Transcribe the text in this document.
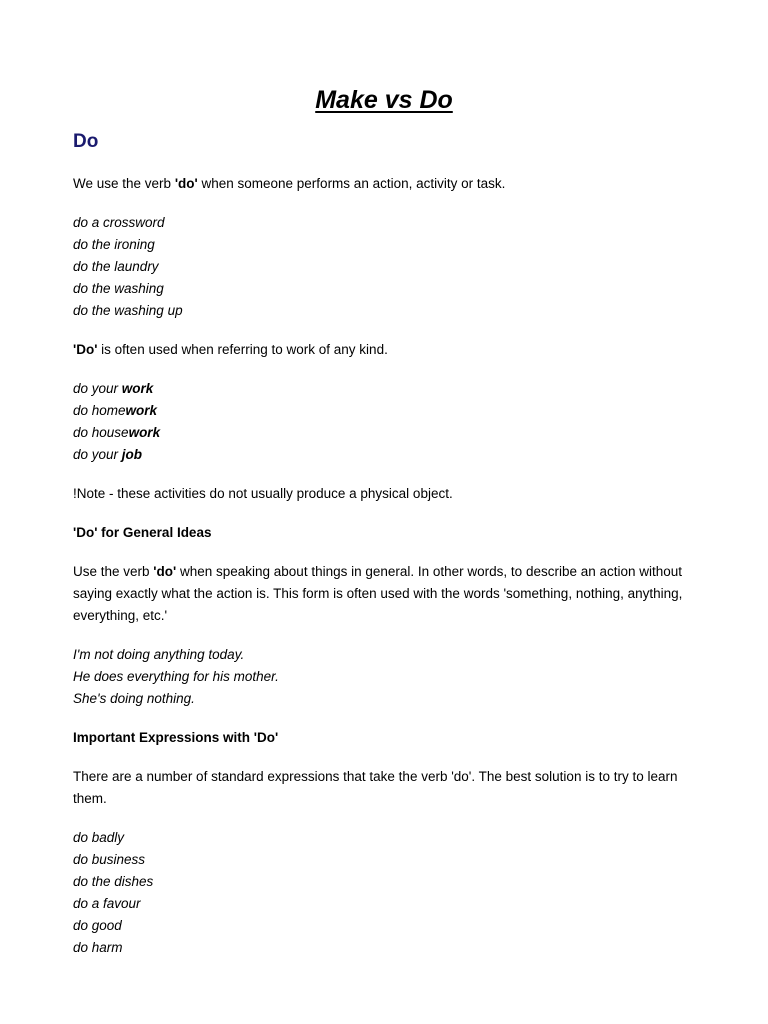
Make vs Do
Do

We use the verb 'do' when someone performs an action, activity or task.

do a crossword
do the ironing
do the laundry
do the washing
do the washing up

'Do' is often used when referring to work of any kind.

do your work
do homework
do housework
do your job

!Note - these activities do not usually produce a physical object.

'Do' for General Ideas

Use the verb 'do' when speaking about things in general. In other words, to describe an action without saying exactly what the action is. This form is often used with the words 'something, nothing, anything, everything, etc.'

I'm not doing anything today.
He does everything for his mother.
She's doing nothing.

Important Expressions with 'Do'

There are a number of standard expressions that take the verb 'do'. The best solution is to try to learn them.

do badly
do business
do the dishes
do a favour
do good
do harm
